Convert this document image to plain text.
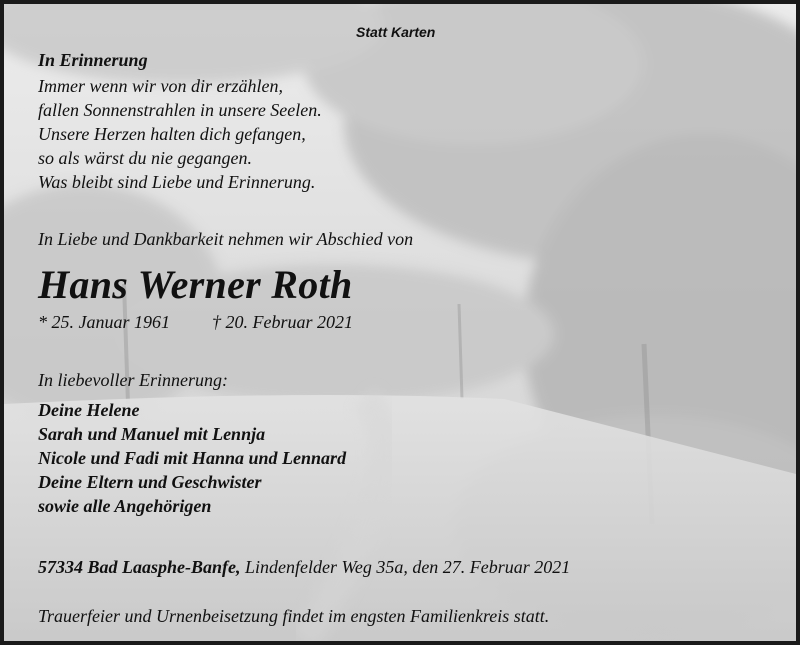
Statt Karten
In Erinnerung
Immer wenn wir von dir erzählen,
fallen Sonnenstrahlen in unsere Seelen.
Unsere Herzen halten dich gefangen,
so als wärst du nie gegangen.
Was bleibt sind Liebe und Erinnerung.
In Liebe und Dankbarkeit nehmen wir Abschied von
Hans Werner Roth
* 25. Januar 1961 † 20. Februar 2021
In liebevoller Erinnerung:
Deine Helene
Sarah und Manuel mit Lennja
Nicole und Fadi mit Hanna und Lennard
Deine Eltern und Geschwister
sowie alle Angehörigen
57334 Bad Laasphe-Banfe, Lindenfelder Weg 35a, den 27. Februar 2021
Trauerfeier und Urnenbeisetzung findet im engsten Familienkreis statt.
